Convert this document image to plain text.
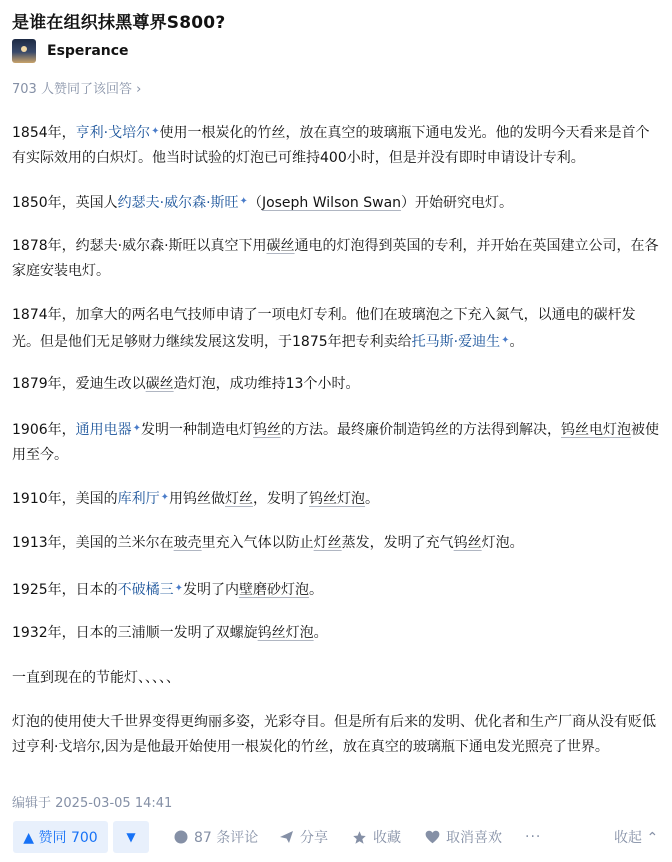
是谁在组织抹黑尊界S800?
Esperance
703 人赞同了该回答 ›
1854年，亨利·戈培尔✦使用一根炭化的竹丝，放在真空的玻璃瓶下通电发光。他的发明今天看来是首个有实际效用的白炽灯。他当时试验的灯泡已可维持400小时，但是并没有即时申请设计专利。
1850年，英国人约瑟夫·威尔森·斯旺✦（Joseph Wilson Swan）开始研究电灯。
1878年，约瑟夫·威尔森·斯旺以真空下用碳丝通电的灯泡得到英国的专利，并开始在英国建立公司，在各家庭安装电灯。
1874年，加拿大的两名电气技师申请了一项电灯专利。他们在玻璃泡之下充入氮气，以通电的碳杆发光。但是他们无足够财力继续发展这发明，于1875年把专利卖给托马斯·爱迪生✦。
1879年，爱迪生改以碳丝造灯泡，成功维持13个小时。
1906年，通用电器✦发明一种制造电灯钨丝的方法。最终廉价制造钨丝的方法得到解决，钨丝电灯泡被使用至今。
1910年，美国的库利厅✦用钨丝做灯丝，发明了钨丝灯泡。
1913年，美国的兰米尔在玻壳里充入气体以防止灯丝蒸发，发明了充气钨丝灯泡。
1925年，日本的不破橘三✦发明了内壁磨砂灯泡。
1932年，日本的三浦顺一发明了双螺旋钨丝灯泡。
一直到现在的节能灯、、、、、
灯泡的使用使大千世界变得更绚丽多姿，光彩夺目。但是所有后来的发明、优化者和生产厂商从没有贬低过亨利·戈培尔,因为是他最开始使用一根炭化的竹丝，放在真空的玻璃瓶下通电发光照亮了世界。
编辑于 2025-03-05 14:41
▲ 赞同 700	▼	87 条评论	分享	收藏	取消喜欢 ···	收起 ⌃
